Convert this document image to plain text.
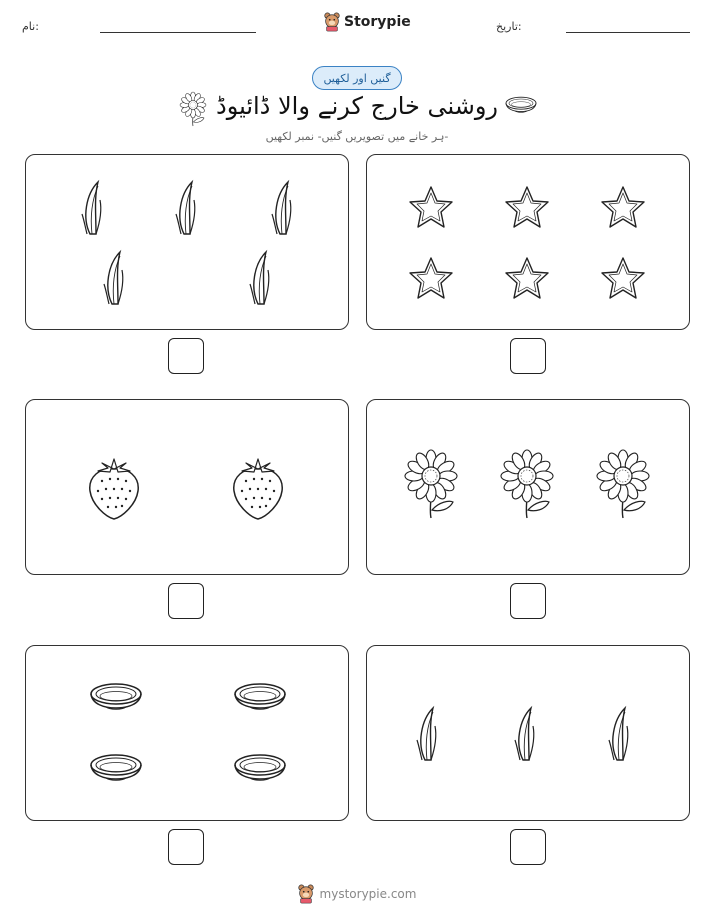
نام:	Storypie	تاریخ:
گنیں اور لکھیں
روشنی خارج کرنے والا ڈائیوڈ
ہر خانے میں تصویریں گنیں- نمبر لکھیں-
mystorypie.com
